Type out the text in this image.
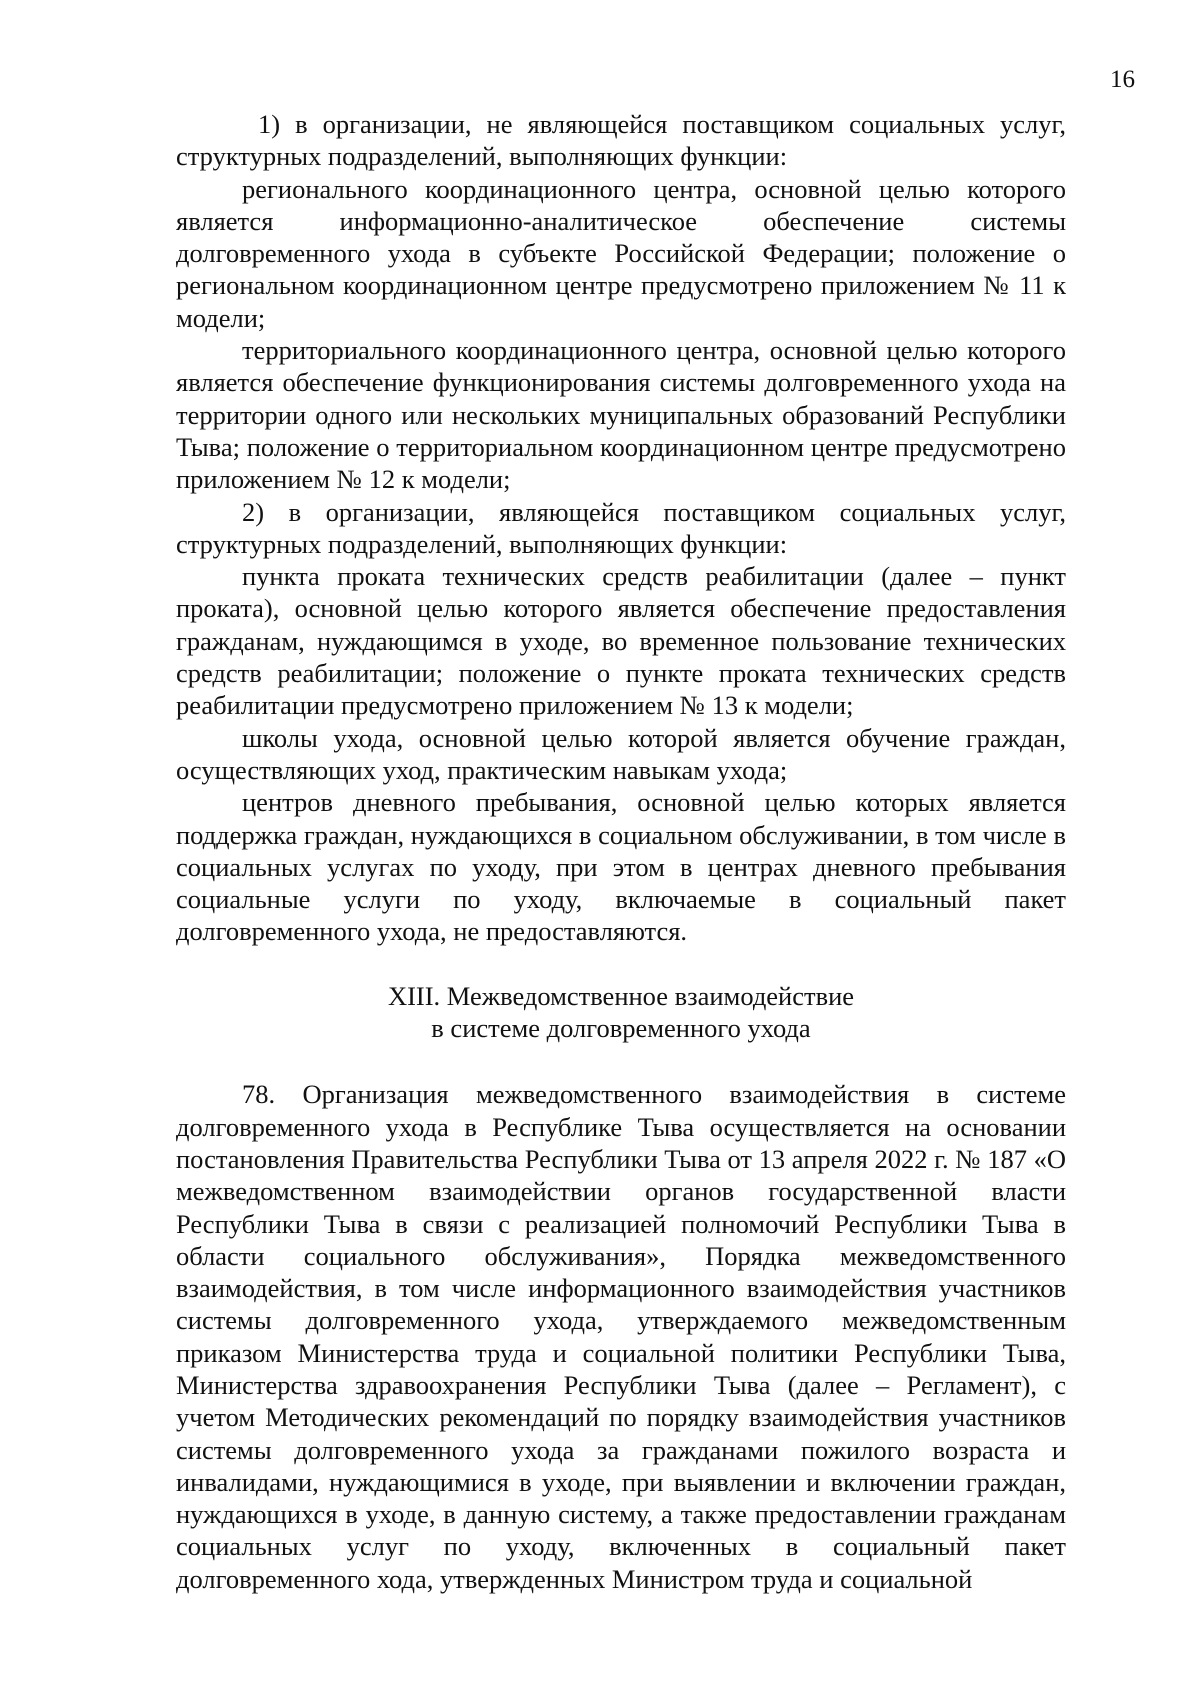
16

1) в организации, не являющейся поставщиком социальных услуг, структурных подразделений, выполняющих функции:

регионального координационного центра, основной целью которого является информационно-аналитическое обеспечение системы долговременного ухода в субъекте Российской Федерации; положение о региональном координационном центре предусмотрено приложением № 11 к модели;

территориального координационного центра, основной целью которого является обеспечение функционирования системы долговременного ухода на территории одного или нескольких муниципальных образований Республики Тыва; положение о территориальном координационном центре предусмотрено приложением № 12 к модели;

2) в организации, являющейся поставщиком социальных услуг, структурных подразделений, выполняющих функции:

пункта проката технических средств реабилитации (далее – пункт проката), основной целью которого является обеспечение предоставления гражданам, нуждающимся в уходе, во временное пользование технических средств реабилитации; положение о пункте проката технических средств реабилитации предусмотрено приложением № 13 к модели;

школы ухода, основной целью которой является обучение граждан, осуществляющих уход, практическим навыкам ухода;

центров дневного пребывания, основной целью которых является поддержка граждан, нуждающихся в социальном обслуживании, в том числе в социальных услугах по уходу, при этом в центрах дневного пребывания социальные услуги по уходу, включаемые в социальный пакет долговременного ухода, не предоставляются.

XIII. Межведомственное взаимодействие
в системе долговременного ухода

78. Организация межведомственного взаимодействия в системе долговременного ухода в Республике Тыва осуществляется на основании постановления Правительства Республики Тыва от 13 апреля 2022 г. № 187 «О межведомственном взаимодействии органов государственной власти Республики Тыва в связи с реализацией полномочий Республики Тыва в области социального обслуживания», Порядка межведомственного взаимодействия, в том числе информационного взаимодействия участников системы долговременного ухода, утверждаемого межведомственным приказом Министерства труда и социальной политики Республики Тыва, Министерства здравоохранения Республики Тыва (далее – Регламент), с учетом Методических рекомендаций по порядку взаимодействия участников системы долговременного ухода за гражданами пожилого возраста и инвалидами, нуждающимися в уходе, при выявлении и включении граждан, нуждающихся в уходе, в данную систему, а также предоставлении гражданам социальных услуг по уходу, включенных в социальный пакет долговременного хода, утвержденных Министром труда и социальной
